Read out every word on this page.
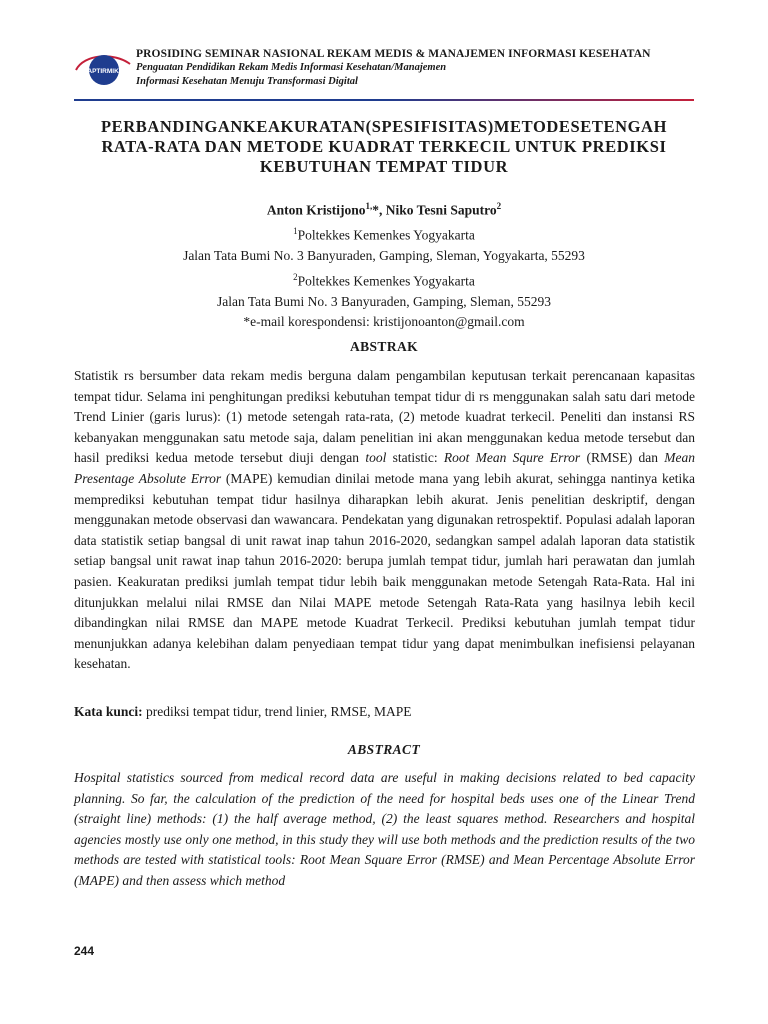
APTIRMIKI

PROSIDING SEMINAR NASIONAL REKAM MEDIS & MANAJEMEN INFORMASI KESEHATAN

Penguatan Pendidikan Rekam Medis Informasi Kesehatan/Manajemen

Informasi Kesehatan Menuju Transformasi Digital

PERBANDINGANKEAKURATAN(SPESIFISITAS)METODESETENGAH
RATA-RATA DAN METODE KUADRAT TERKECIL UNTUK PREDIKSI
KEBUTUHAN TEMPAT TIDUR
Anton Kristijono$^{1,}$*, Niko Tesni Saputro$^2$
$^1$Poltekkes Kemenkes Yogyakarta
Jalan Tata Bumi No. 3 Banyuraden, Gamping, Sleman, Yogyakarta, 55293
$^2$Poltekkes Kemenkes Yogyakarta
Jalan Tata Bumi No. 3 Banyuraden, Gamping, Sleman, 55293
*e-mail korespondensi: kristijonoanton@gmail.com
ABSTRAK

Statistik rs bersumber data rekam medis berguna dalam pengambilan keputusan terkait perencanaan kapasitas tempat tidur. Selama ini penghitungan prediksi kebutuhan tempat tidur di rs menggunakan salah satu dari metode Trend Linier (garis lurus): (1) metode setengah rata-rata, (2) metode kuadrat terkecil. Peneliti dan instansi RS kebanyakan menggunakan satu metode saja, dalam penelitian ini akan menggunakan kedua metode tersebut dan hasil prediksi kedua metode tersebut diuji dengan tool statistic: Root Mean Squre Error (RMSE) dan Mean Presentage Absolute Error (MAPE) kemudian dinilai metode mana yang lebih akurat, sehingga nantinya ketika memprediksi kebutuhan tempat tidur hasilnya diharapkan lebih akurat. Jenis penelitian deskriptif, dengan menggunakan metode observasi dan wawancara. Pendekatan yang digunakan retrospektif. Populasi adalah laporan data statistik setiap bangsal di unit rawat inap tahun 2016-2020, sedangkan sampel adalah laporan data statistik setiap bangsal unit rawat inap tahun 2016-2020: berupa jumlah tempat tidur, jumlah hari perawatan dan jumlah pasien. Keakuratan prediksi jumlah tempat tidur lebih baik menggunakan metode Setengah Rata-Rata. Hal ini ditunjukkan melalui nilai RMSE dan Nilai MAPE metode Setengah Rata-Rata yang hasilnya lebih kecil dibandingkan nilai RMSE dan MAPE metode Kuadrat Terkecil. Prediksi kebutuhan jumlah tempat tidur menunjukkan adanya kelebihan dalam penyediaan tempat tidur yang dapat menimbulkan inefisiensi pelayanan kesehatan.

Kata kunci: prediksi tempat tidur, trend linier, RMSE, MAPE

ABSTRACT

Hospital statistics sourced from medical record data are useful in making decisions related to bed capacity planning. So far, the calculation of the prediction of the need for hospital beds uses one of the Linear Trend (straight line) methods: (1) the half average method, (2) the least squares method. Researchers and hospital agencies mostly use only one method, in this study they will use both methods and the prediction results of the two methods are tested with statistical tools: Root Mean Square Error (RMSE) and Mean Percentage Absolute Error (MAPE) and then assess which method

244
